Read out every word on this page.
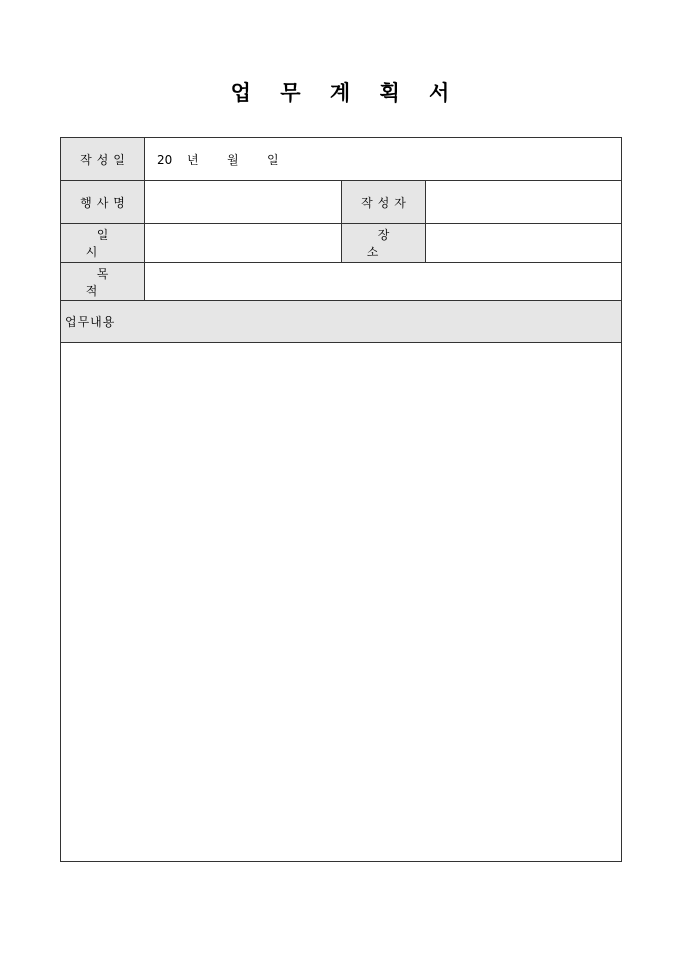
업 무 계 획 서
작성일	20 년 월 일		
행사명		작성자	
일시		장소	
목적			
업무내용			
